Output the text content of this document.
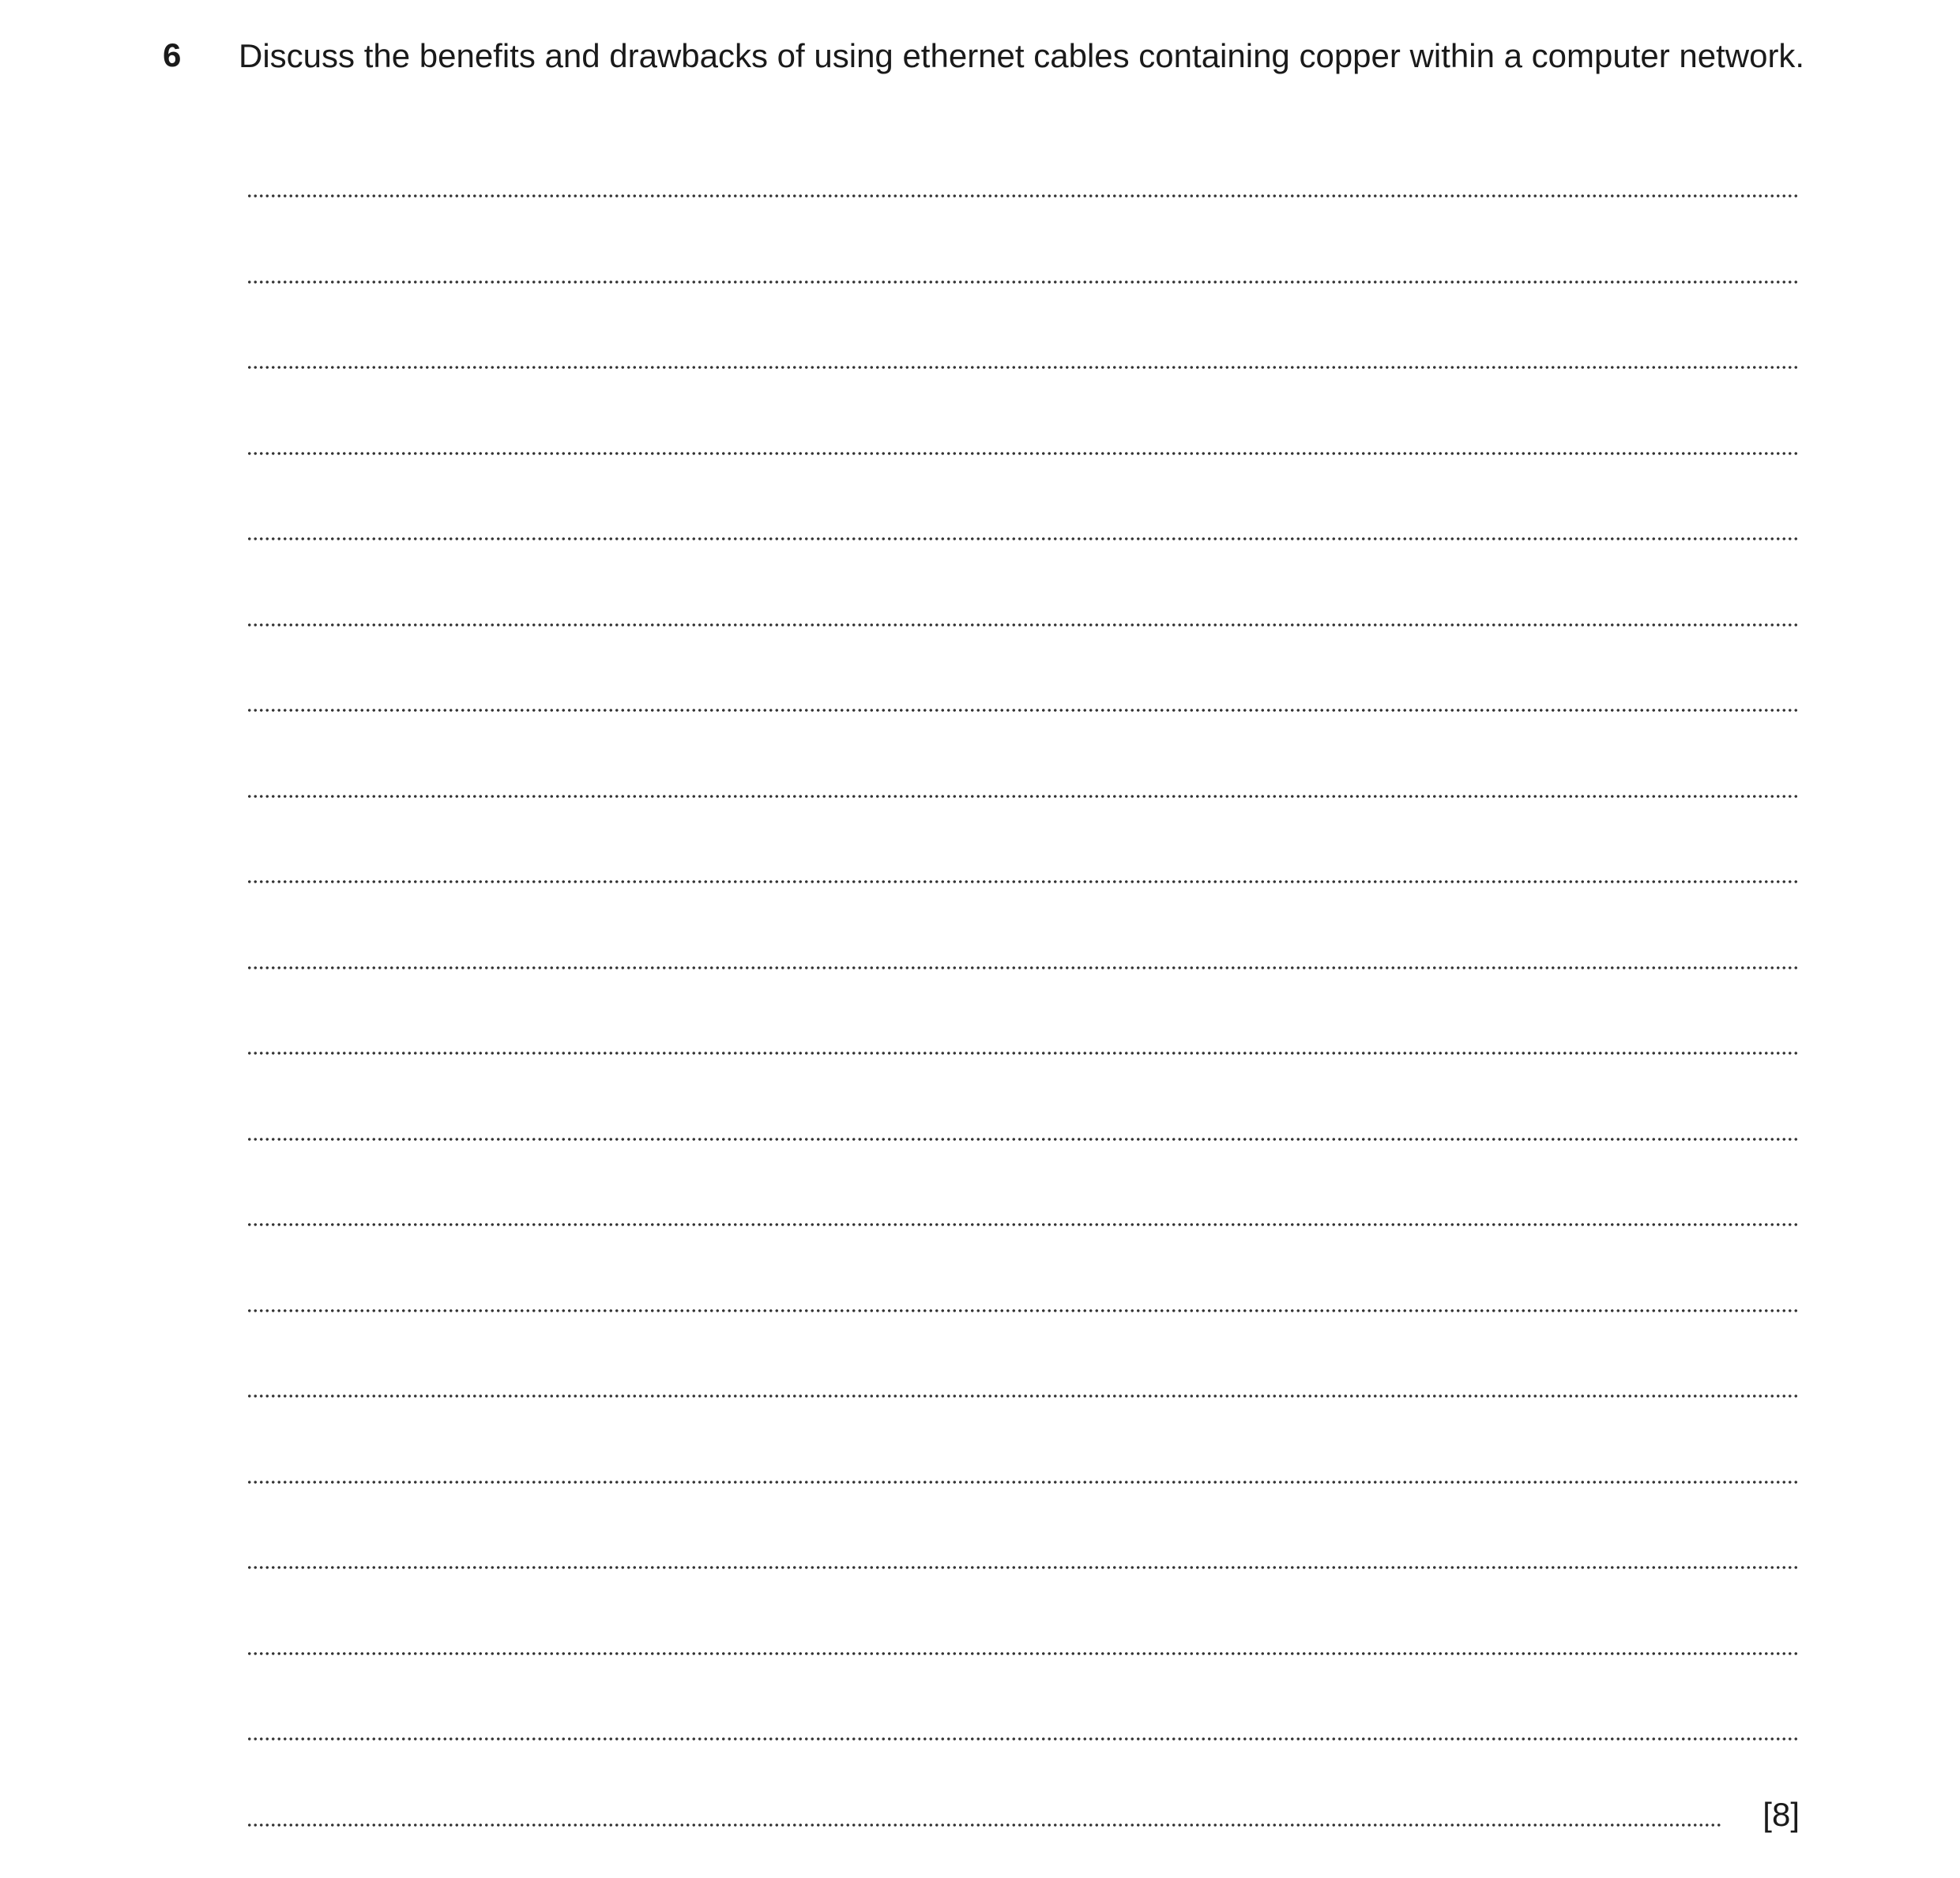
6 Discuss the benefits and drawbacks of using ethernet cables containing copper within a computer network.
[8]
